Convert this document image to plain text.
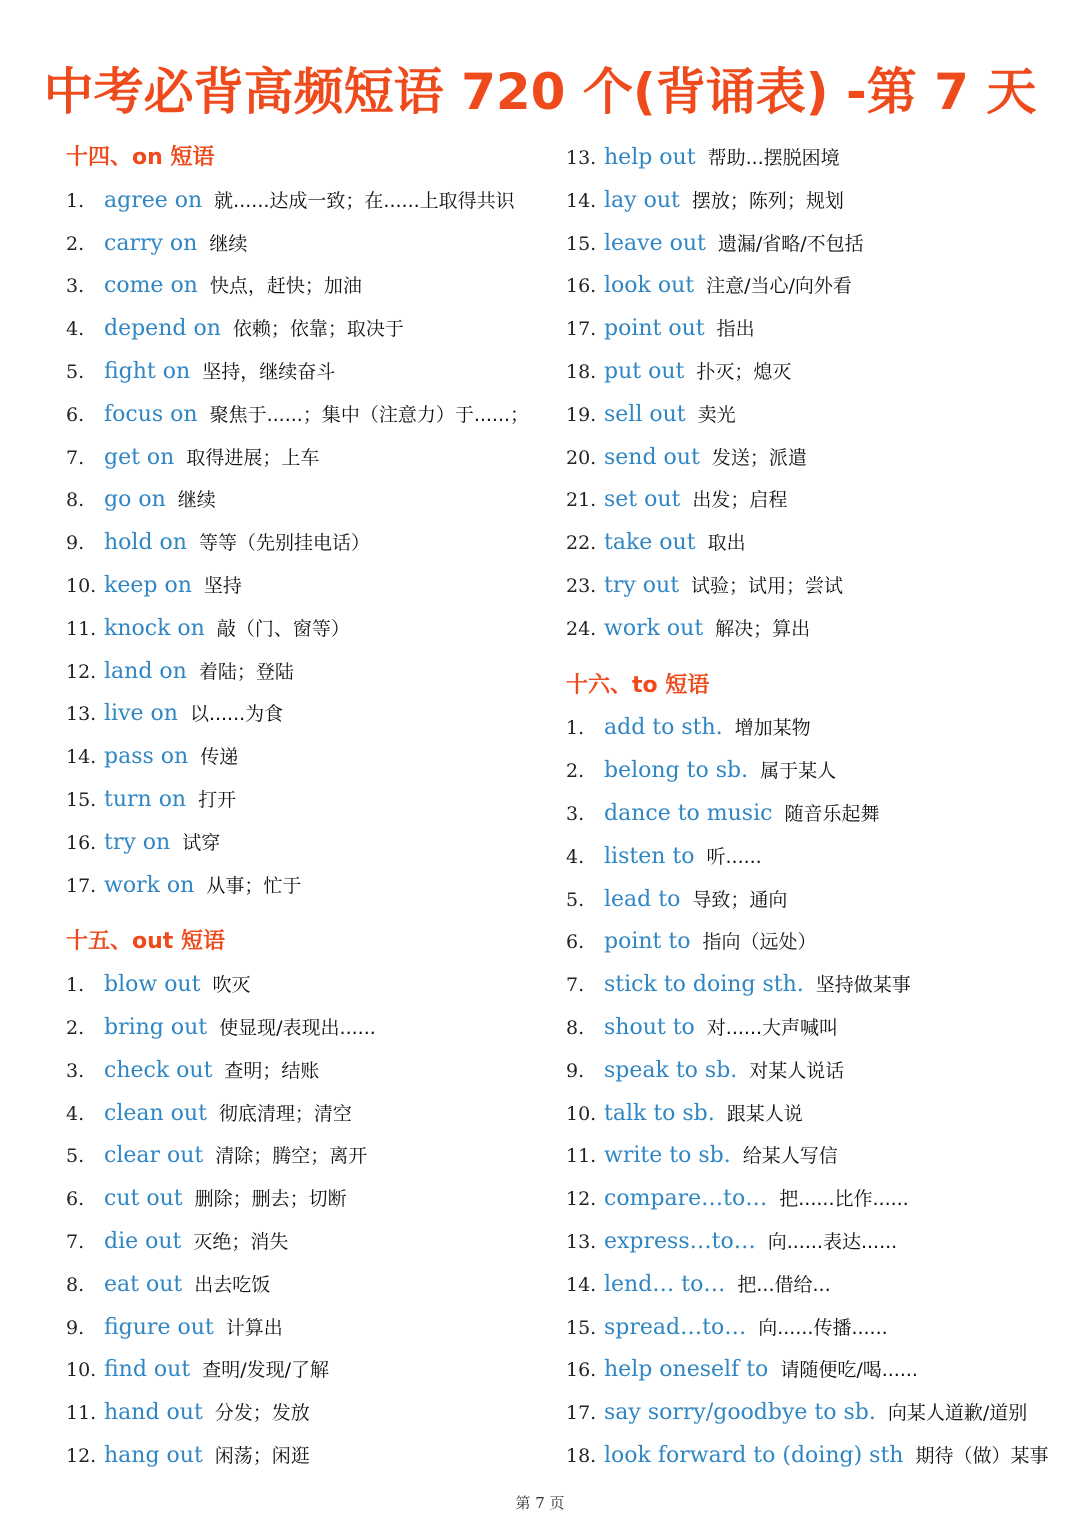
中考必背高频短语 720 个(背诵表) -第 7 天
十四、on 短语
1. agree on 就......达成一致；在......上取得共识
2. carry on 继续
3. come on 快点，赶快；加油
4. depend on 依赖；依靠；取决于
5. fight on 坚持，继续奋斗
6. focus on 聚焦于......；集中（注意力）于......；
7. get on 取得进展；上车
8. go on 继续
9. hold on 等等（先别挂电话）
10. keep on 坚持
11. knock on 敲（门、窗等）
12. land on 着陆；登陆
13. live on 以......为食
14. pass on 传递
15. turn on 打开
16. try on 试穿
17. work on 从事；忙于
十五、out 短语
1. blow out 吹灭
2. bring out 使显现/表现出......
3. check out 查明；结账
4. clean out 彻底清理；清空
5. clear out 清除；腾空；离开
6. cut out 删除；删去；切断
7. die out 灭绝；消失
8. eat out 出去吃饭
9. figure out 计算出
10. find out 查明/发现/了解
11. hand out 分发；发放
12. hang out 闲荡；闲逛
13. help out 帮助...摆脱困境
14. lay out 摆放；陈列；规划
15. leave out 遗漏/省略/不包括
16. look out 注意/当心/向外看
17. point out 指出
18. put out 扑灭；熄灭
19. sell out 卖光
20. send out 发送；派遣
21. set out 出发；启程
22. take out 取出
23. try out 试验；试用；尝试
24. work out 解决；算出
十六、to 短语
1. add to sth. 增加某物
2. belong to sb. 属于某人
3. dance to music 随音乐起舞
4. listen to 听......
5. lead to 导致；通向
6. point to 指向（远处）
7. stick to doing sth. 坚持做某事
8. shout to 对......大声喊叫
9. speak to sb. 对某人说话
10. talk to sb. 跟某人说
11. write to sb. 给某人写信
12. compare…to… 把......比作......
13. express…to… 向......表达......
14. lend… to… 把...借给...
15. spread…to… 向......传播......
16. help oneself to 请随便吃/喝......
17. say sorry/goodbye to sb. 向某人道歉/道别
18. look forward to (doing) sth 期待（做）某事
第 7 页
